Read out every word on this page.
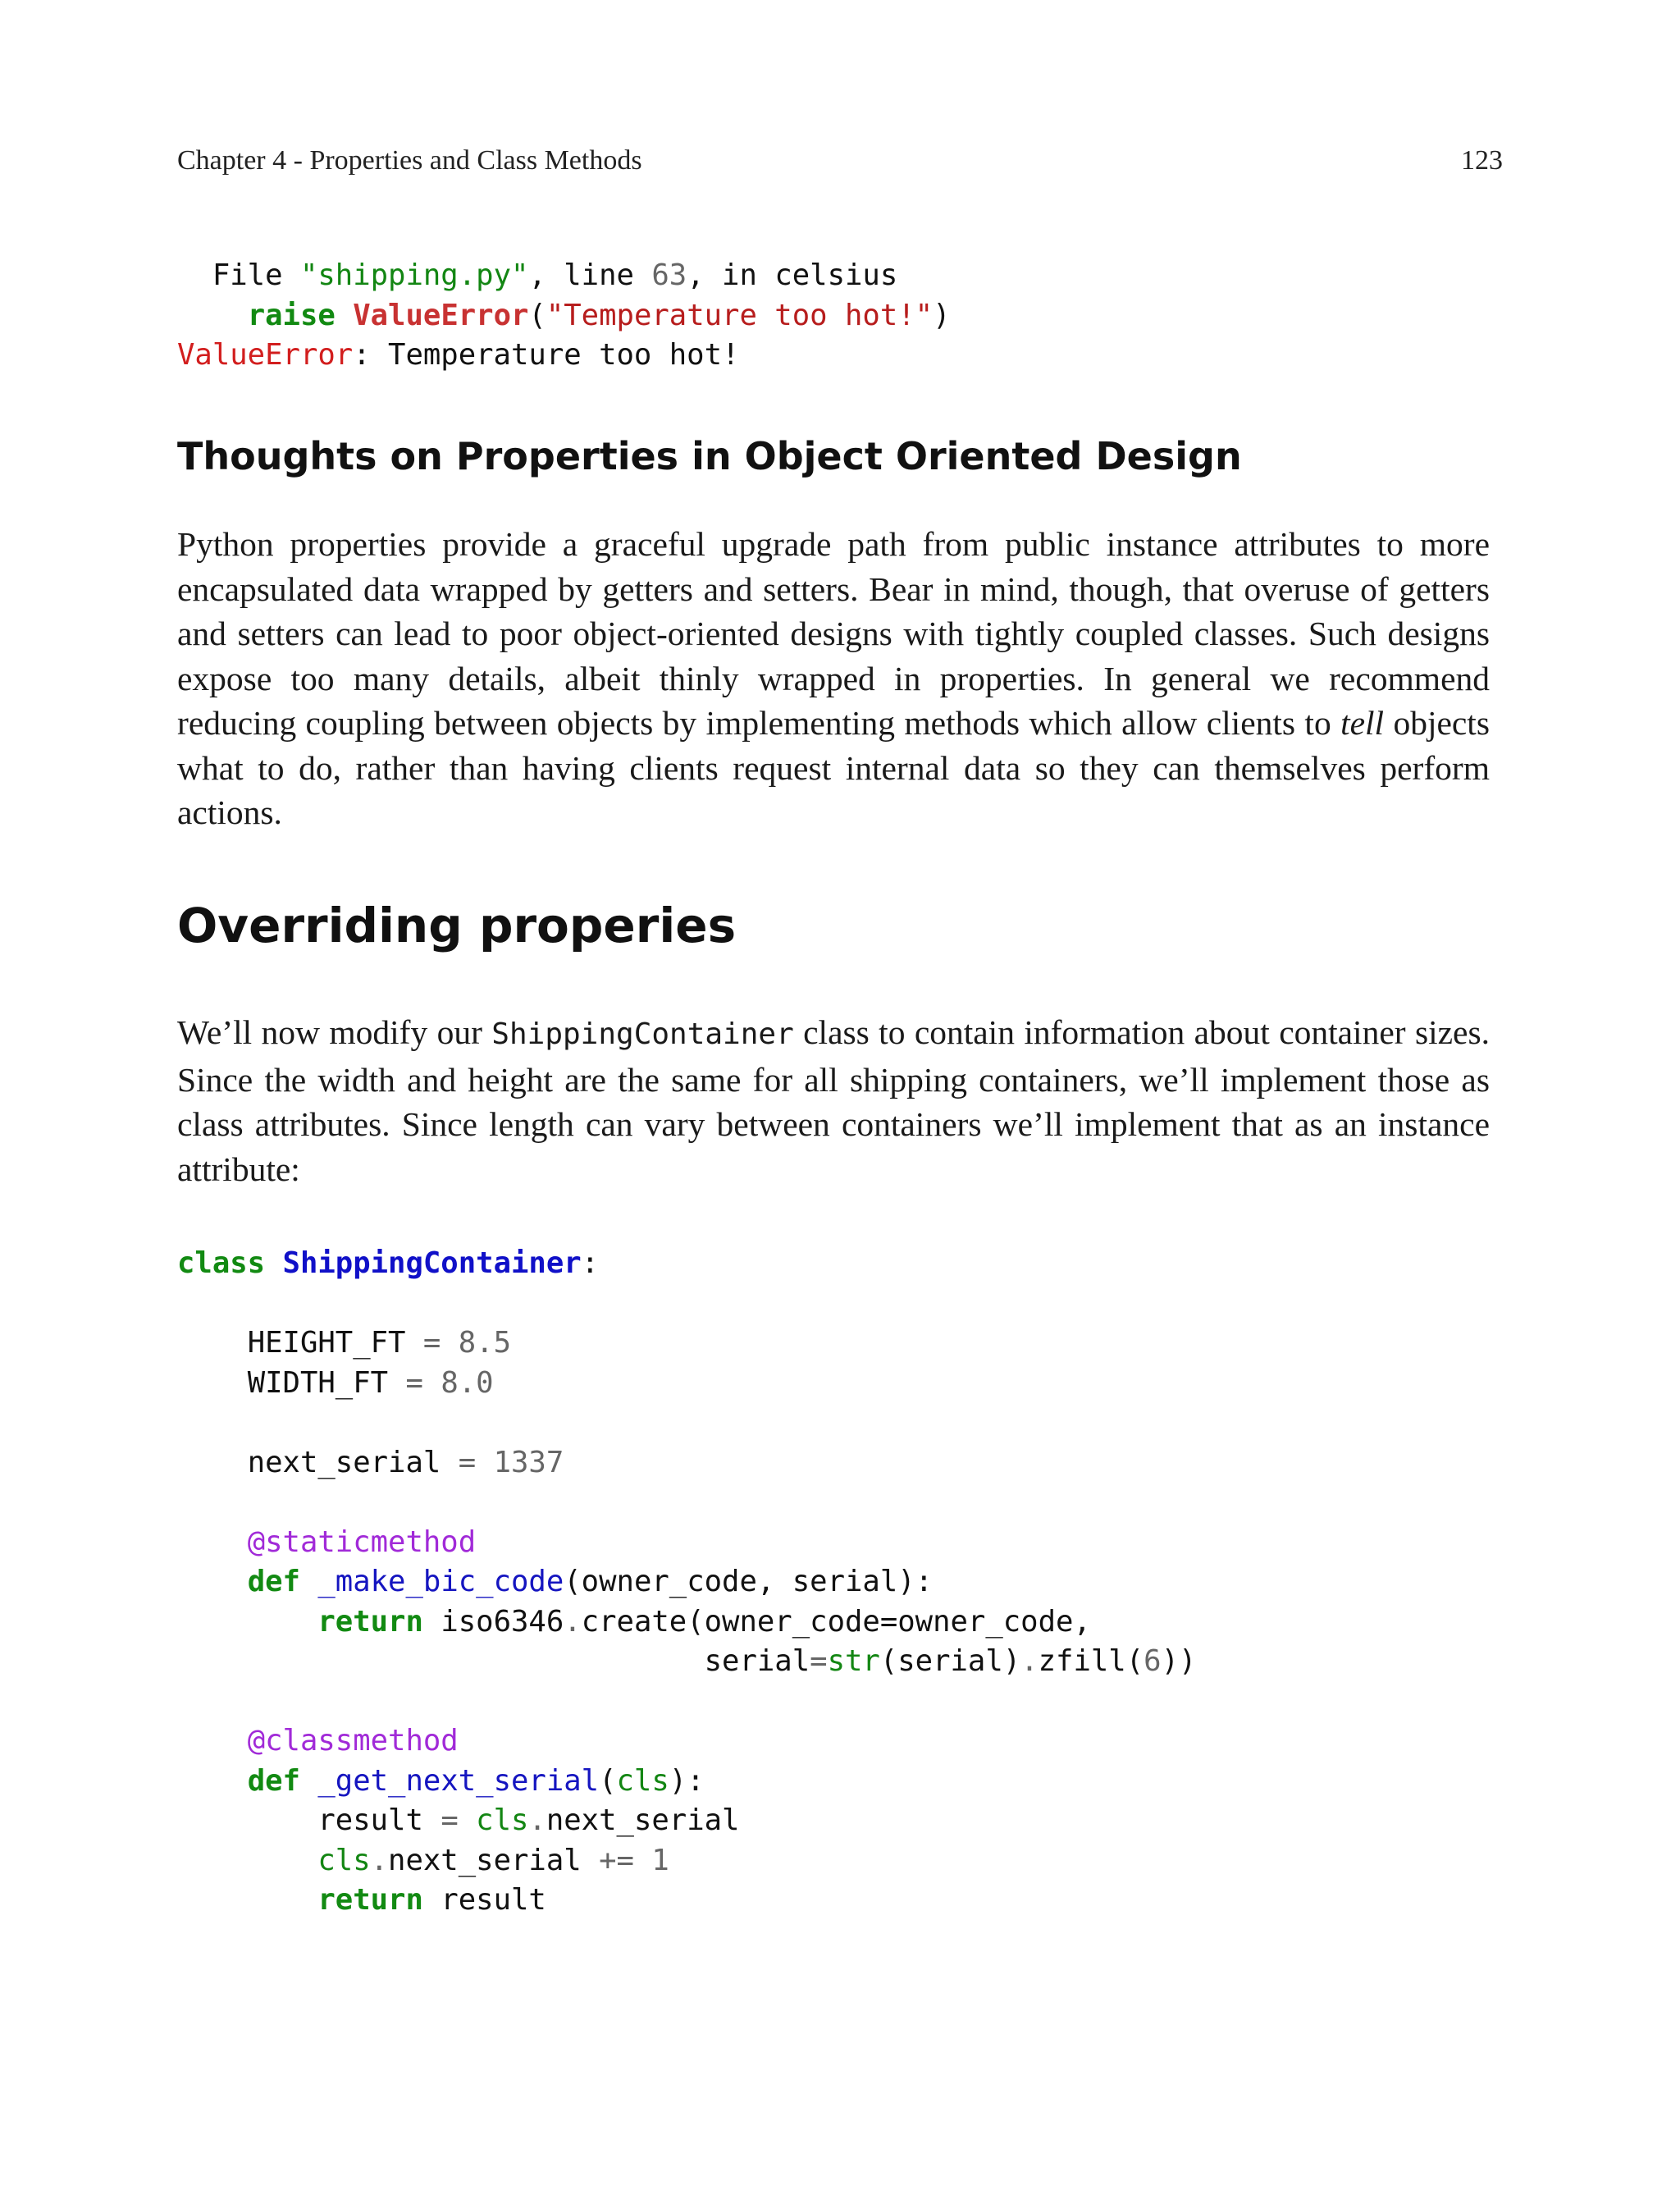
Chapter 4 - Properties and Class Methods	123
File "shipping.py", line 63, in celsius
raise ValueError("Temperature too hot!")
ValueError: Temperature too hot!
Thoughts on Properties in Object Oriented Design

Python properties provide a graceful upgrade path from public instance attributes to more encapsulated data wrapped by getters and setters. Bear in mind, though, that overuse of getters and setters can lead to poor object-oriented designs with tightly coupled classes. Such designs expose too many details, albeit thinly wrapped in properties. In general we recommend reducing coupling between objects by implementing methods which allow clients to tell objects what to do, rather than having clients request internal data so they can themselves perform actions.

Overriding properies

We’ll now modify our ShippingContainer class to contain information about container sizes. Since the width and height are the same for all shipping containers, we’ll implement those as class attributes. Since length can vary between containers we’ll implement that as an instance attribute:

class ShippingContainer:

HEIGHT_FT = 8.5
WIDTH_FT = 8.0

next_serial = 1337

@staticmethod
def _make_bic_code(owner_code, serial):
return iso6346.create(owner_code=owner_code,
serial=str(serial).zfill(6))

@classmethod
def _get_next_serial(cls):
result = cls.next_serial
cls.next_serial += 1
return result
